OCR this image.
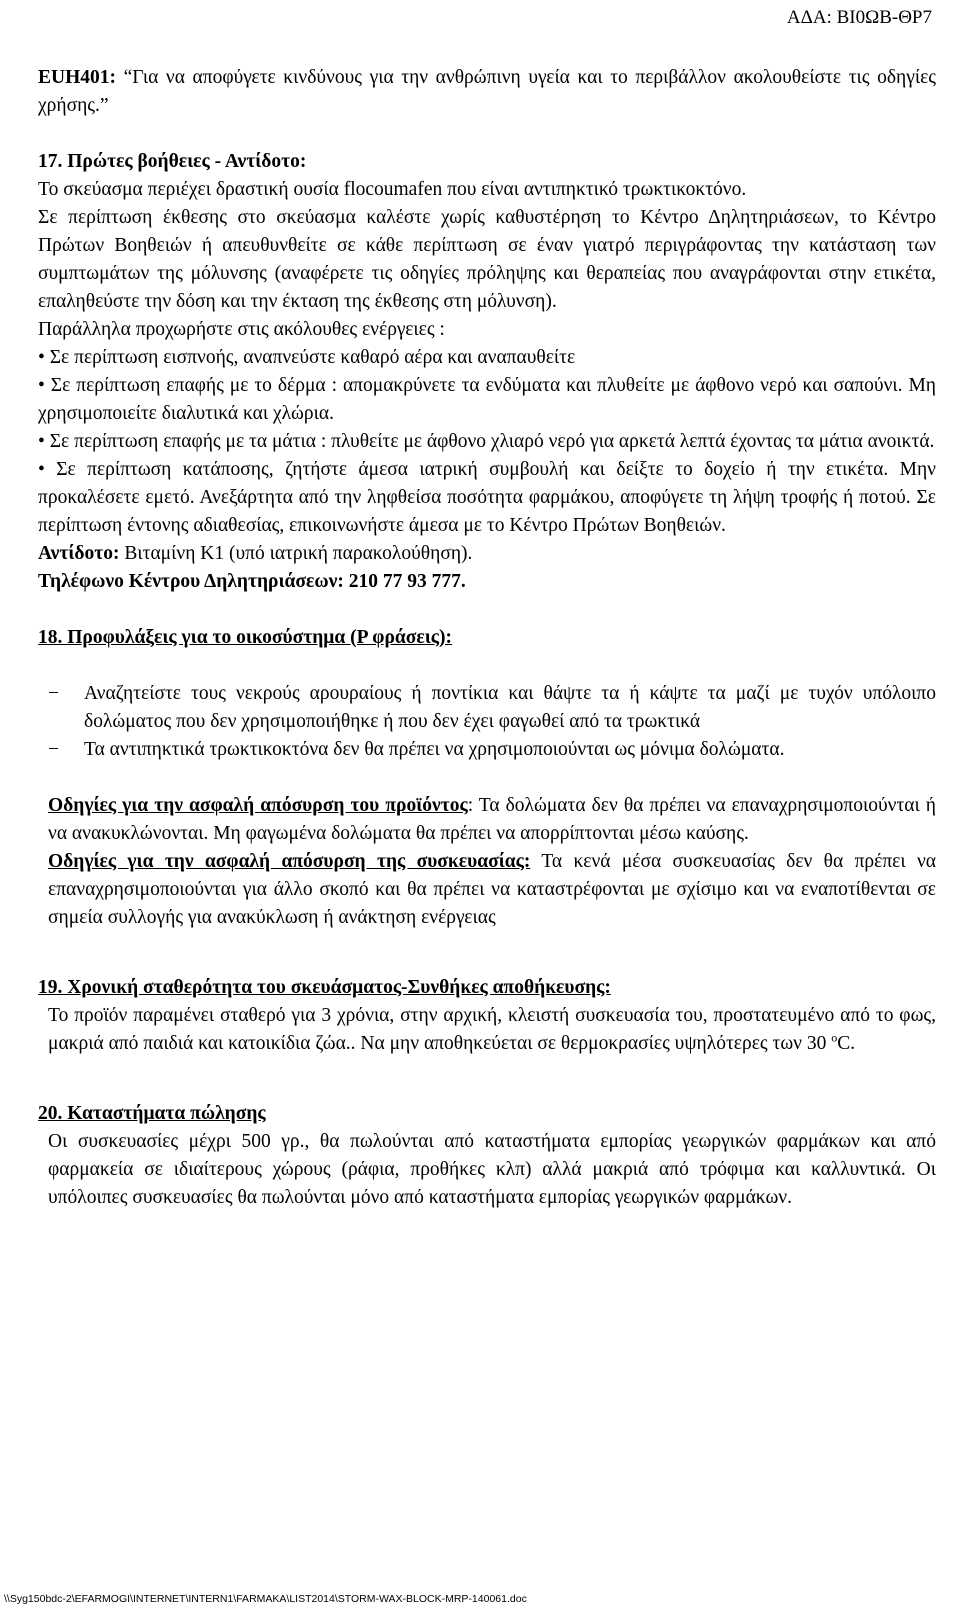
ΑΔΑ: ΒΙ0ΩΒ-ΘΡ7

EUH401: “Για να αποφύγετε κινδύνους για την ανθρώπινη υγεία και το περιβάλλον ακολουθείστε τις οδηγίες χρήσης.”

17. Πρώτες βοήθειες - Αντίδοτο:

Το σκεύασμα περιέχει δραστική ουσία flocoumafen που είναι αντιπηκτικό τρωκτικοκτόνο.

Σε περίπτωση έκθεσης στο σκεύασμα καλέστε χωρίς καθυστέρηση το Κέντρο Δηλητηριάσεων, το Κέντρο Πρώτων Βοηθειών ή απευθυνθείτε σε κάθε περίπτωση σε έναν γιατρό περιγράφοντας την κατάσταση των συμπτωμάτων της μόλυνσης (αναφέρετε τις οδηγίες πρόληψης και θεραπείας που αναγράφονται στην ετικέτα, επαληθεύστε την δόση και την έκταση της έκθεσης στη μόλυνση).

Παράλληλα προχωρήστε στις ακόλουθες ενέργειες :

• Σε περίπτωση εισπνοής, αναπνεύστε καθαρό αέρα και αναπαυθείτε

• Σε περίπτωση επαφής με το δέρμα : απομακρύνετε τα ενδύματα και πλυθείτε με άφθονο νερό και σαπούνι. Μη χρησιμοποιείτε διαλυτικά και χλώρια.

• Σε περίπτωση επαφής με τα μάτια : πλυθείτε με άφθονο χλιαρό νερό για αρκετά λεπτά έχοντας τα μάτια ανοικτά.

• Σε περίπτωση κατάποσης, ζητήστε άμεσα ιατρική συμβουλή και δείξτε το δοχείο ή την ετικέτα. Μην προκαλέσετε εμετό. Ανεξάρτητα από την ληφθείσα ποσότητα φαρμάκου, αποφύγετε τη λήψη τροφής ή ποτού. Σε περίπτωση έντονης αδιαθεσίας, επικοινωνήστε άμεσα με το Κέντρο Πρώτων Βοηθειών.

Αντίδοτο: Βιταμίνη Κ1 (υπό ιατρική παρακολούθηση).

Τηλέφωνο Κέντρου Δηλητηριάσεων: 210 77 93 777.

18. Προφυλάξεις για το οικοσύστημα (Ρ φράσεις):

−	Αναζητείστε τους νεκρούς αρουραίους ή ποντίκια και θάψτε τα ή κάψτε τα μαζί με τυχόν υπόλοιπο δολώματος που δεν χρησιμοποιήθηκε ή που δεν έχει φαγωθεί από τα τρωκτικά
−	Τα αντιπηκτικά τρωκτικοκτόνα δεν θα πρέπει να χρησιμοποιούνται ως μόνιμα δολώματα.

Οδηγίες για την ασφαλή απόσυρση του προϊόντος: Τα δολώματα δεν θα πρέπει να επαναχρησιμοποιούνται ή να ανακυκλώνονται. Μη φαγωμένα δολώματα θα πρέπει να απορρίπτονται μέσω καύσης.

Οδηγίες για την ασφαλή απόσυρση της συσκευασίας: Τα κενά μέσα συσκευασίας δεν θα πρέπει να επαναχρησιμοποιούνται για άλλο σκοπό και θα πρέπει να καταστρέφονται με σχίσιμο και να εναποτίθενται σε σημεία συλλογής για ανακύκλωση ή ανάκτηση ενέργειας

19. Χρονική σταθερότητα του σκευάσματος-Συνθήκες αποθήκευσης:

Το προϊόν παραμένει σταθερό για 3 χρόνια, στην αρχική, κλειστή συσκευασία του, προστατευμένο από το φως, μακριά από παιδιά και κατοικίδια ζώα.. Να μην αποθηκεύεται σε θερμοκρασίες υψηλότερες των 30 $^o$C.

20. Καταστήματα πώλησης

Οι συσκευασίες μέχρι 500 γρ., θα πωλούνται από καταστήματα εμπορίας γεωργικών φαρμάκων και από φαρμακεία σε ιδιαίτερους χώρους (ράφια, προθήκες κλπ) αλλά μακριά από τρόφιμα και καλλυντικά. Οι υπόλοιπες συσκευασίες θα πωλούνται μόνο από καταστήματα εμπορίας γεωργικών φαρμάκων.

\\Syg150bdc-2\EFARMOGI\INTERNET\INTERN1\FARMAKA\LIST2014\STORM-WAX-BLOCK-MRP-140061.doc
